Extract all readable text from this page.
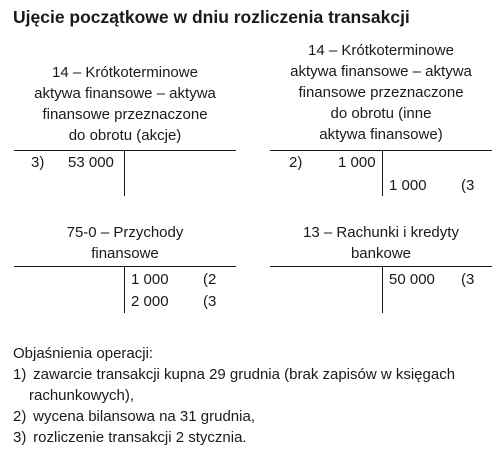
Ujęcie początkowe w dniu rozliczenia transakcji
14 – Krótkoterminowe
aktywa finansowe – aktywa
finansowe przeznaczone
do obrotu (akcje)
3) 53 000
14 – Krótkoterminowe
aktywa finansowe – aktywa
finansowe przeznaczone
do obrotu (inne
aktywa finansowe)
2) 1 000
1 000 (3
75-0 – Przychody
finansowe
1 000 (2
2 000 (3
13 – Rachunki i kredyty
bankowe
50 000 (3
Objaśnienia operacji:
1) zawarcie transakcji kupna 29 grudnia (brak zapisów w księgach
rachunkowych),
2) wycena bilansowa na 31 grudnia,
3) rozliczenie transakcji 2 stycznia.
